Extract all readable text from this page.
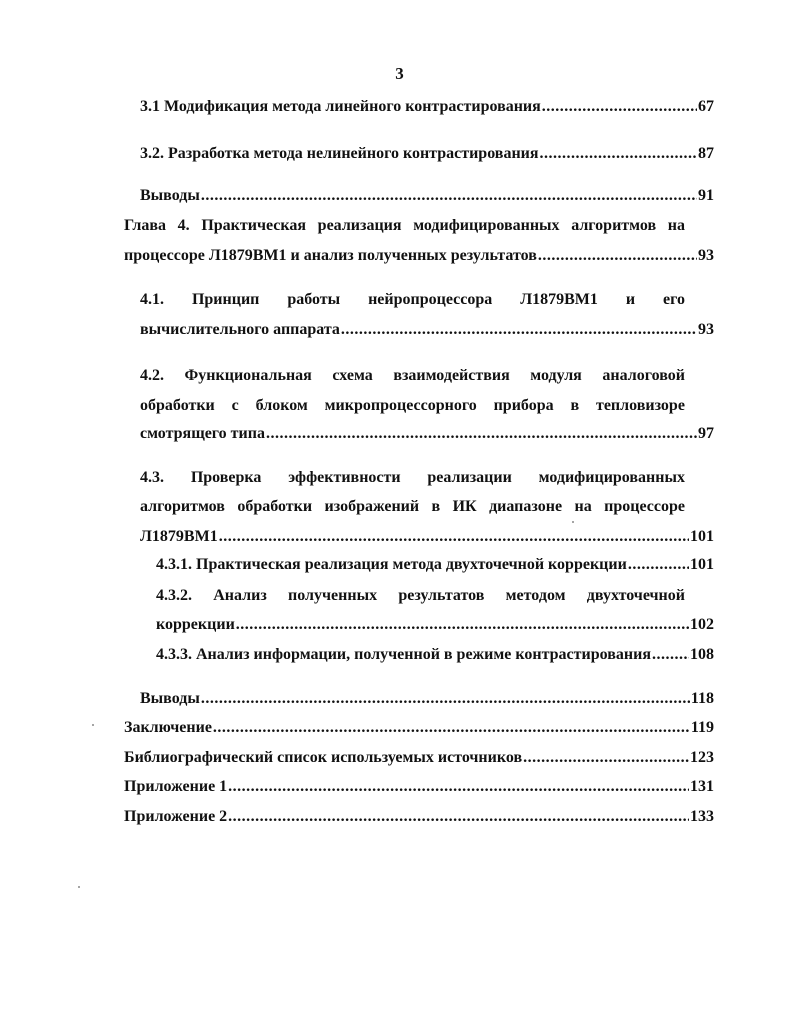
3
3.1 Модификация метода линейного контрастирования .....	67
3.2. Разработка метода нелинейного контрастирования .....	87
Выводы .....	91
Глава 4. Практическая реализация модифицированных алгоритмов на
процессоре Л1879ВМ1 и анализ полученных результатов .....	93
4.1. Принцип работы нейропроцессора Л1879ВМ1 и его
вычислительного аппарата .....	93
4.2. Функциональная схема взаимодействия модуля аналоговой
обработки с блоком микропроцессорного прибора в тепловизоре
смотрящего типа .....	97
4.3. Проверка эффективности реализации модифицированных
алгоритмов обработки изображений в ИК диапазоне на процессоре
Л1879ВМ1 .....	101
4.3.1. Практическая реализация метода двухточечной коррекции .....	101
4.3.2. Анализ полученных результатов методом двухточечной
коррекции .....	102
4.3.3. Анализ информации, полученной в режиме контрастирования ..... 108
Выводы .....	118
Заключение .....	119
Библиографический список используемых источников .....	123
Приложение 1 .....	131
Приложение 2 .....	133
